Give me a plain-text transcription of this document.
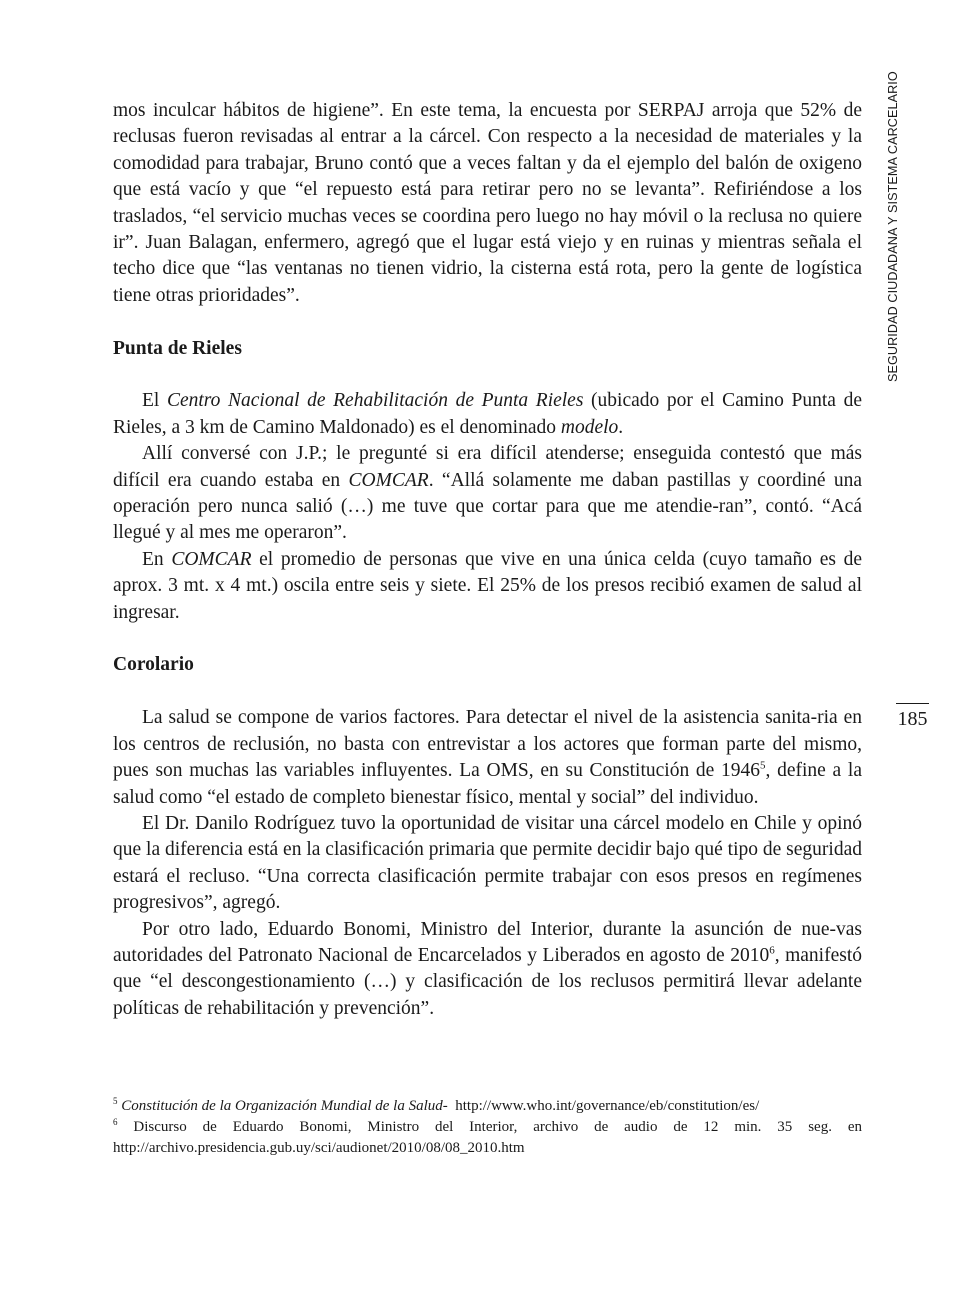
mos inculcar hábitos de higiene”. En este tema, la encuesta por SERPAJ arroja que 52% de reclusas fueron revisadas al entrar a la cárcel. Con respecto a la necesidad de materiales y la comodidad para trabajar, Bruno contó que a veces faltan y da el ejemplo del balón de oxigeno que está vacío y que “el repuesto está para retirar pero no se levanta”. Refiriéndose a los traslados, “el servicio muchas veces se coordina pero luego no hay móvil o la reclusa no quiere ir”. Juan Balagan, enfermero, agregó que el lugar está viejo y en ruinas y mientras señala el techo dice que “las ventanas no tienen vidrio, la cisterna está rota, pero la gente de logística tiene otras prioridades”.

Punta de Rieles

El Centro Nacional de Rehabilitación de Punta Rieles (ubicado por el Camino Punta de Rieles, a 3 km de Camino Maldonado) es el denominado modelo.

Allí conversé con J.P.; le pregunté si era difícil atenderse; enseguida contestó que más difícil era cuando estaba en COMCAR. “Allá solamente me daban pastillas y coordiné una operación pero nunca salió (…) me tuve que cortar para que me atendie-ran”, contó. “Acá llegué y al mes me operaron”.

En COMCAR el promedio de personas que vive en una única celda (cuyo tamaño es de aprox. 3 mt. x 4 mt.) oscila entre seis y siete. El 25% de los presos recibió examen de salud al ingresar.

Corolario

La salud se compone de varios factores. Para detectar el nivel de la asistencia sanita-ria en los centros de reclusión, no basta con entrevistar a los actores que forman parte del mismo, pues son muchas las variables influyentes. La OMS, en su Constitución de 1946$^5$, define a la salud como “el estado de completo bienestar físico, mental y social” del individuo.

El Dr. Danilo Rodríguez tuvo la oportunidad de visitar una cárcel modelo en Chile y opinó que la diferencia está en la clasificación primaria que permite decidir bajo qué tipo de seguridad estará el recluso. “Una correcta clasificación permite trabajar con esos presos en regímenes progresivos”, agregó.

Por otro lado, Eduardo Bonomi, Ministro del Interior, durante la asunción de nue-vas autoridades del Patronato Nacional de Encarcelados y Liberados en agosto de 2010$^6$, manifestó que “el descongestionamiento (…) y clasificación de los reclusos permitirá llevar adelante políticas de rehabilitación y prevención”.

SEGURIDAD CIUDADANA Y SISTEMA CARCELARIO
185

$^5$ Constitución de la Organización Mundial de la Salud-  http://www.who.int/governance/eb/constitution/es/

$^6$ Discurso de Eduardo Bonomi, Ministro del Interior, archivo de audio de 12 min. 35 seg. en http://archivo.presidencia.gub.uy/sci/audionet/2010/08/08_2010.htm
